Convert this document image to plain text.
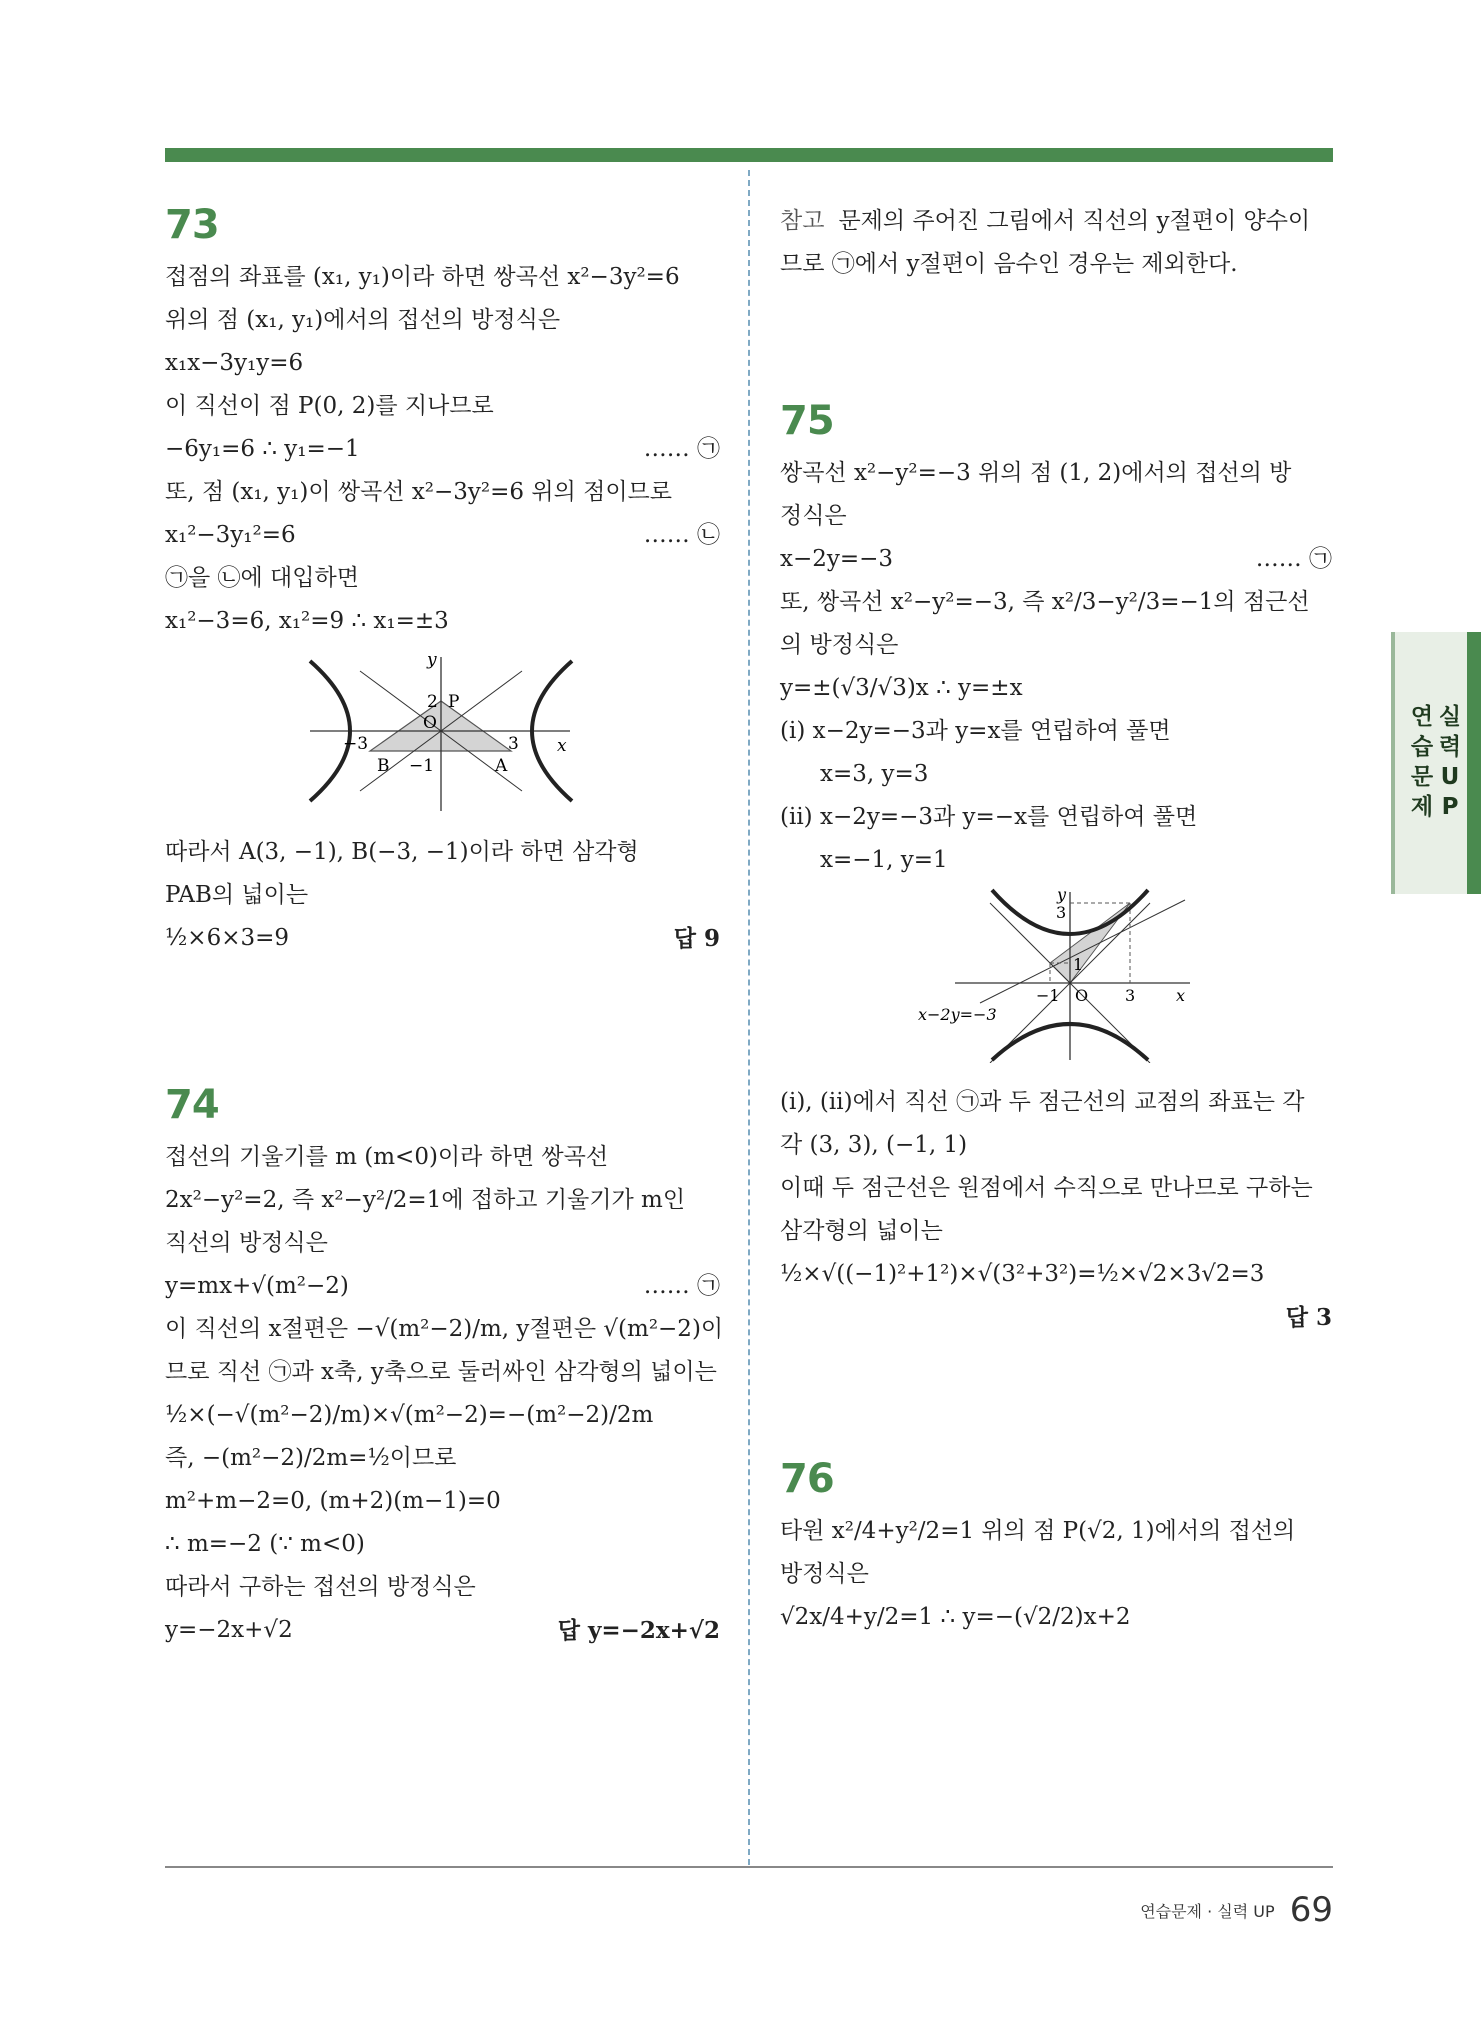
73
접점의 좌표를 (x₁, y₁)이라 하면 쌍곡선 x²−3y²=6
위의 점 (x₁, y₁)에서의 접선의 방정식은
x₁x−3y₁y=6
이 직선이 점 P(0, 2)를 지나므로
−6y₁=6 ∴ y₁=−1	…… ㉠
또, 점 (x₁, y₁)이 쌍곡선 x²−3y²=6 위의 점이므로
x₁²−3y₁²=6	…… ㉡
㉠을 ㉡에 대입하면
x₁²−3=6, x₁²=9 ∴ x₁=±3
y
x
2 P
O
−3	3
B −1	A
따라서 A(3, −1), B(−3, −1)이라 하면 삼각형
PAB의 넓이는
½×6×3=9	답 9
74
접선의 기울기를 m (m<0)이라 하면 쌍곡선
2x²−y²=2, 즉 x²−y²/2=1에 접하고 기울기가 m인
직선의 방정식은
y=mx+√(m²−2)	…… ㉠
이 직선의 x절편은 −√(m²−2)/m, y절편은 √(m²−2)이
므로 직선 ㉠과 x축, y축으로 둘러싸인 삼각형의 넓이는
½×(−√(m²−2)/m)×√(m²−2)=−(m²−2)/2m
즉, −(m²−2)/2m=½이므로
m²+m−2=0, (m+2)(m−1)=0
∴ m=−2 (∵ m<0)
따라서 구하는 접선의 방정식은
y=−2x+√2	답 y=−2x+√2
참고 문제의 주어진 그림에서 직선의 y절편이 양수이
므로 ㉠에서 y절편이 음수인 경우는 제외한다.
75
쌍곡선 x²−y²=−3 위의 점 (1, 2)에서의 접선의 방
정식은
x−2y=−3	…… ㉠
또, 쌍곡선 x²−y²=−3, 즉 x²/3−y²/3=−1의 점근선
의 방정식은
y=±(√3/√3)x ∴ y=±x
(ⅰ) x−2y=−3과 y=x를 연립하여 풀면
x=3, y=3
(ⅱ) x−2y=−3과 y=−x를 연립하여 풀면
x=−1, y=1
y
x
3
1
−1 O 3
x−2y=−3
(ⅰ), (ⅱ)에서 직선 ㉠과 두 점근선의 교점의 좌표는 각
각 (3, 3), (−1, 1)
이때 두 점근선은 원점에서 수직으로 만나므로 구하는
삼각형의 넓이는
½×√((−1)²+1²)×√(3²+3²)=½×√2×3√2=3
답 3
76
타원 x²/4+y²/2=1 위의 점 P(√2, 1)에서의 접선의
방정식은
√2x/4+y/2=1 ∴ y=−(√2/2)x+2
연
습
문
제
실
력
U
P
연습문제 · 실력 UP 69
